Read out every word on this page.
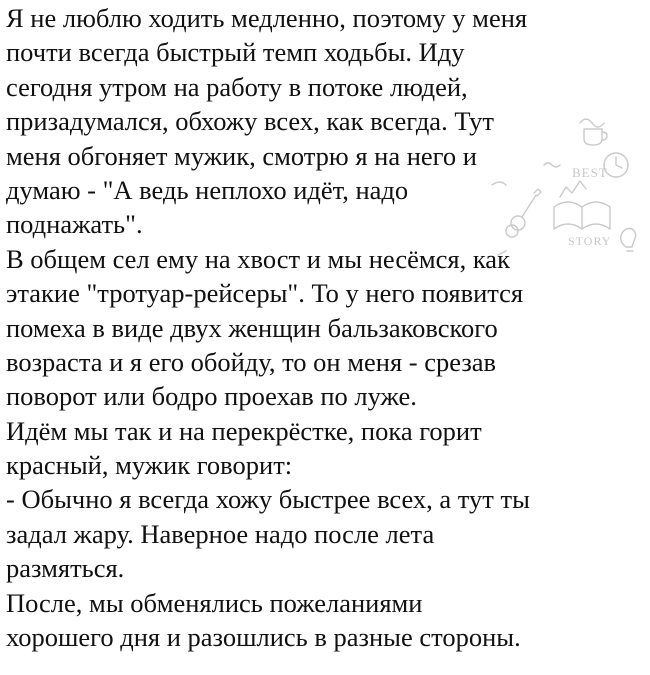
BEST
STORY
Я не люблю ходить медленно, поэтому у меня
почти всегда быстрый темп ходьбы. Иду
сегодня утром на работу в потоке людей,
призадумался, обхожу всех, как всегда. Тут
меня обгоняет мужик, смотрю я на него и
думаю - "А ведь неплохо идёт, надо
поднажать".
В общем сел ему на хвост и мы несёмся, как
этакие "тротуар-рейсеры". То у него появится
помеха в виде двух женщин бальзаковского
возраста и я его обойду, то он меня - срезав
поворот или бодро проехав по луже.
Идём мы так и на перекрёстке, пока горит
красный, мужик говорит:
- Обычно я всегда хожу быстрее всех, а тут ты
задал жару. Наверное надо после лета
размяться.
После, мы обменялись пожеланиями
хорошего дня и разошлись в разные стороны.
